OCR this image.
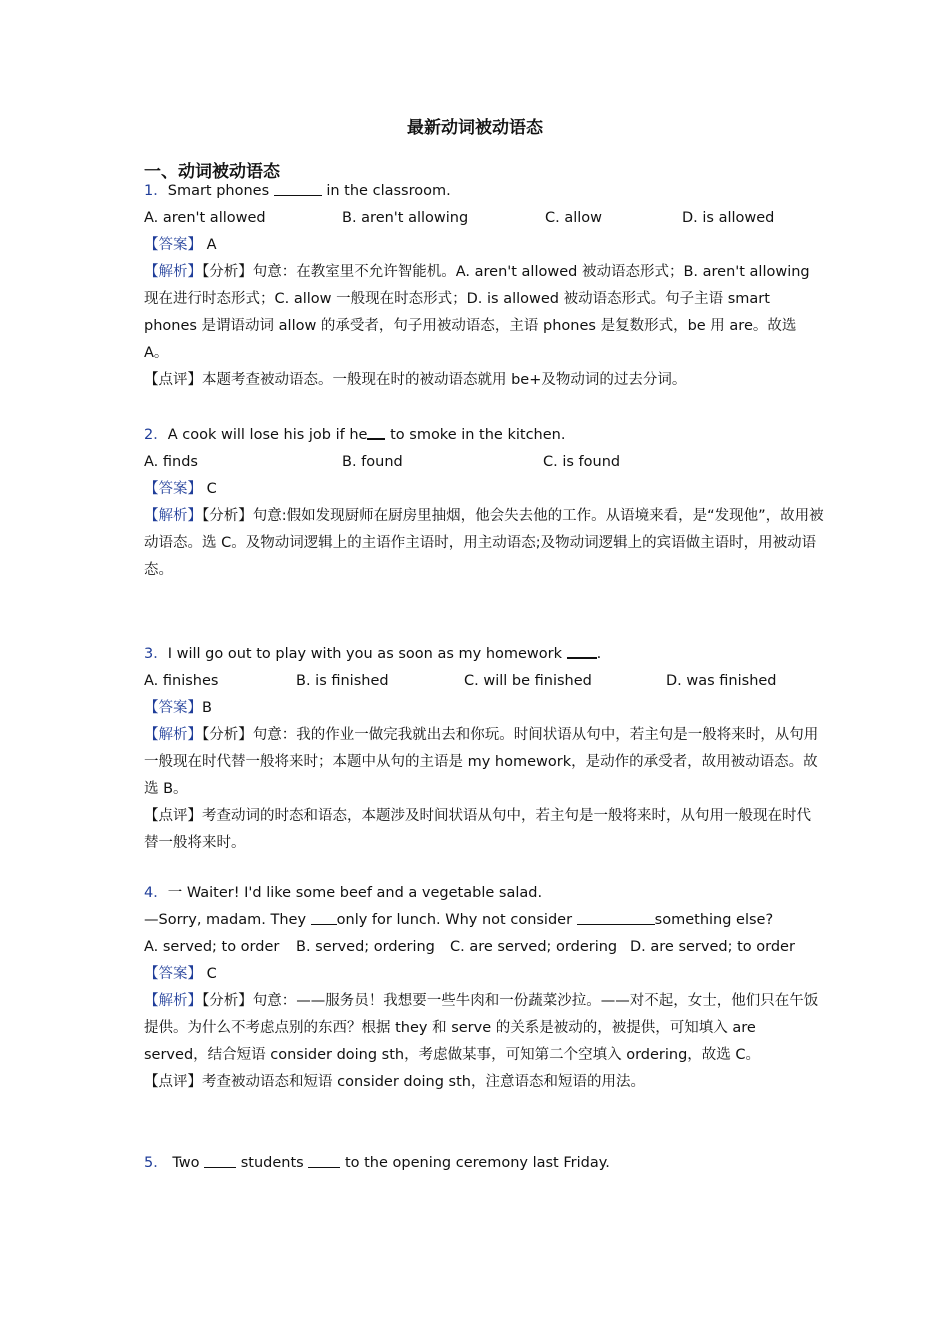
最新动词被动语态
一、动词被动语态
1．Smart phones	in the classroom.
A. aren't allowed	B. aren't allowing	C. allow	D. is allowed
【答案】 A
【解析】【分析】句意：在教室里不允许智能机。A. aren't allowed 被动语态形式；B. aren't allowing 现在进行时态形式；C. allow 一般现在时态形式；D. is allowed 被动语态形式。句子主语 smart phones 是谓语动词 allow 的承受者，句子用被动语态，主语 phones 是复数形式，be 用 are。故选 A。
【点评】本题考查被动语态。一般现在时的被动语态就用 be+及物动词的过去分词。
2．A cook will lose his job if he to smoke in the kitchen.
A. finds	B. found	C. is found
【答案】 C
【解析】【分析】句意:假如发现厨师在厨房里抽烟，他会失去他的工作。从语境来看，是“发现他”，故用被动语态。选 C。及物动词逻辑上的主语作主语时，用主动语态;及物动词逻辑上的宾语做主语时，用被动语态。
3．I will go out to play with you as soon as my homework .
A. finishes	B. is finished	C. will be finished	D. was finished
【答案】B
【解析】【分析】句意：我的作业一做完我就出去和你玩。时间状语从句中，若主句是一般将来时，从句用一般现在时代替一般将来时；本题中从句的主语是 my homework，是动作的承受者，故用被动语态。故选 B。
【点评】考查动词的时态和语态，本题涉及时间状语从句中，若主句是一般将来时，从句用一般现在时代替一般将来时。
4．一 Waiter! I'd like some beef and a vegetable salad.
—Sorry, madam. They only for lunch. Why not consider	something else?
A. served; to order B. served; ordering C. are served; ordering D. are served; to order
【答案】 C
【解析】【分析】句意：——服务员！我想要一些牛肉和一份蔬菜沙拉。——对不起，女士，他们只在午饭提供。为什么不考虑点别的东西？根据 they 和 serve 的关系是被动的，被提供，可知填入 are served，结合短语 consider doing sth，考虑做某事，可知第二个空填入 ordering，故选 C。
【点评】考查被动语态和短语 consider doing sth，注意语态和短语的用法。
5． Two  students  to the opening ceremony last Friday.
